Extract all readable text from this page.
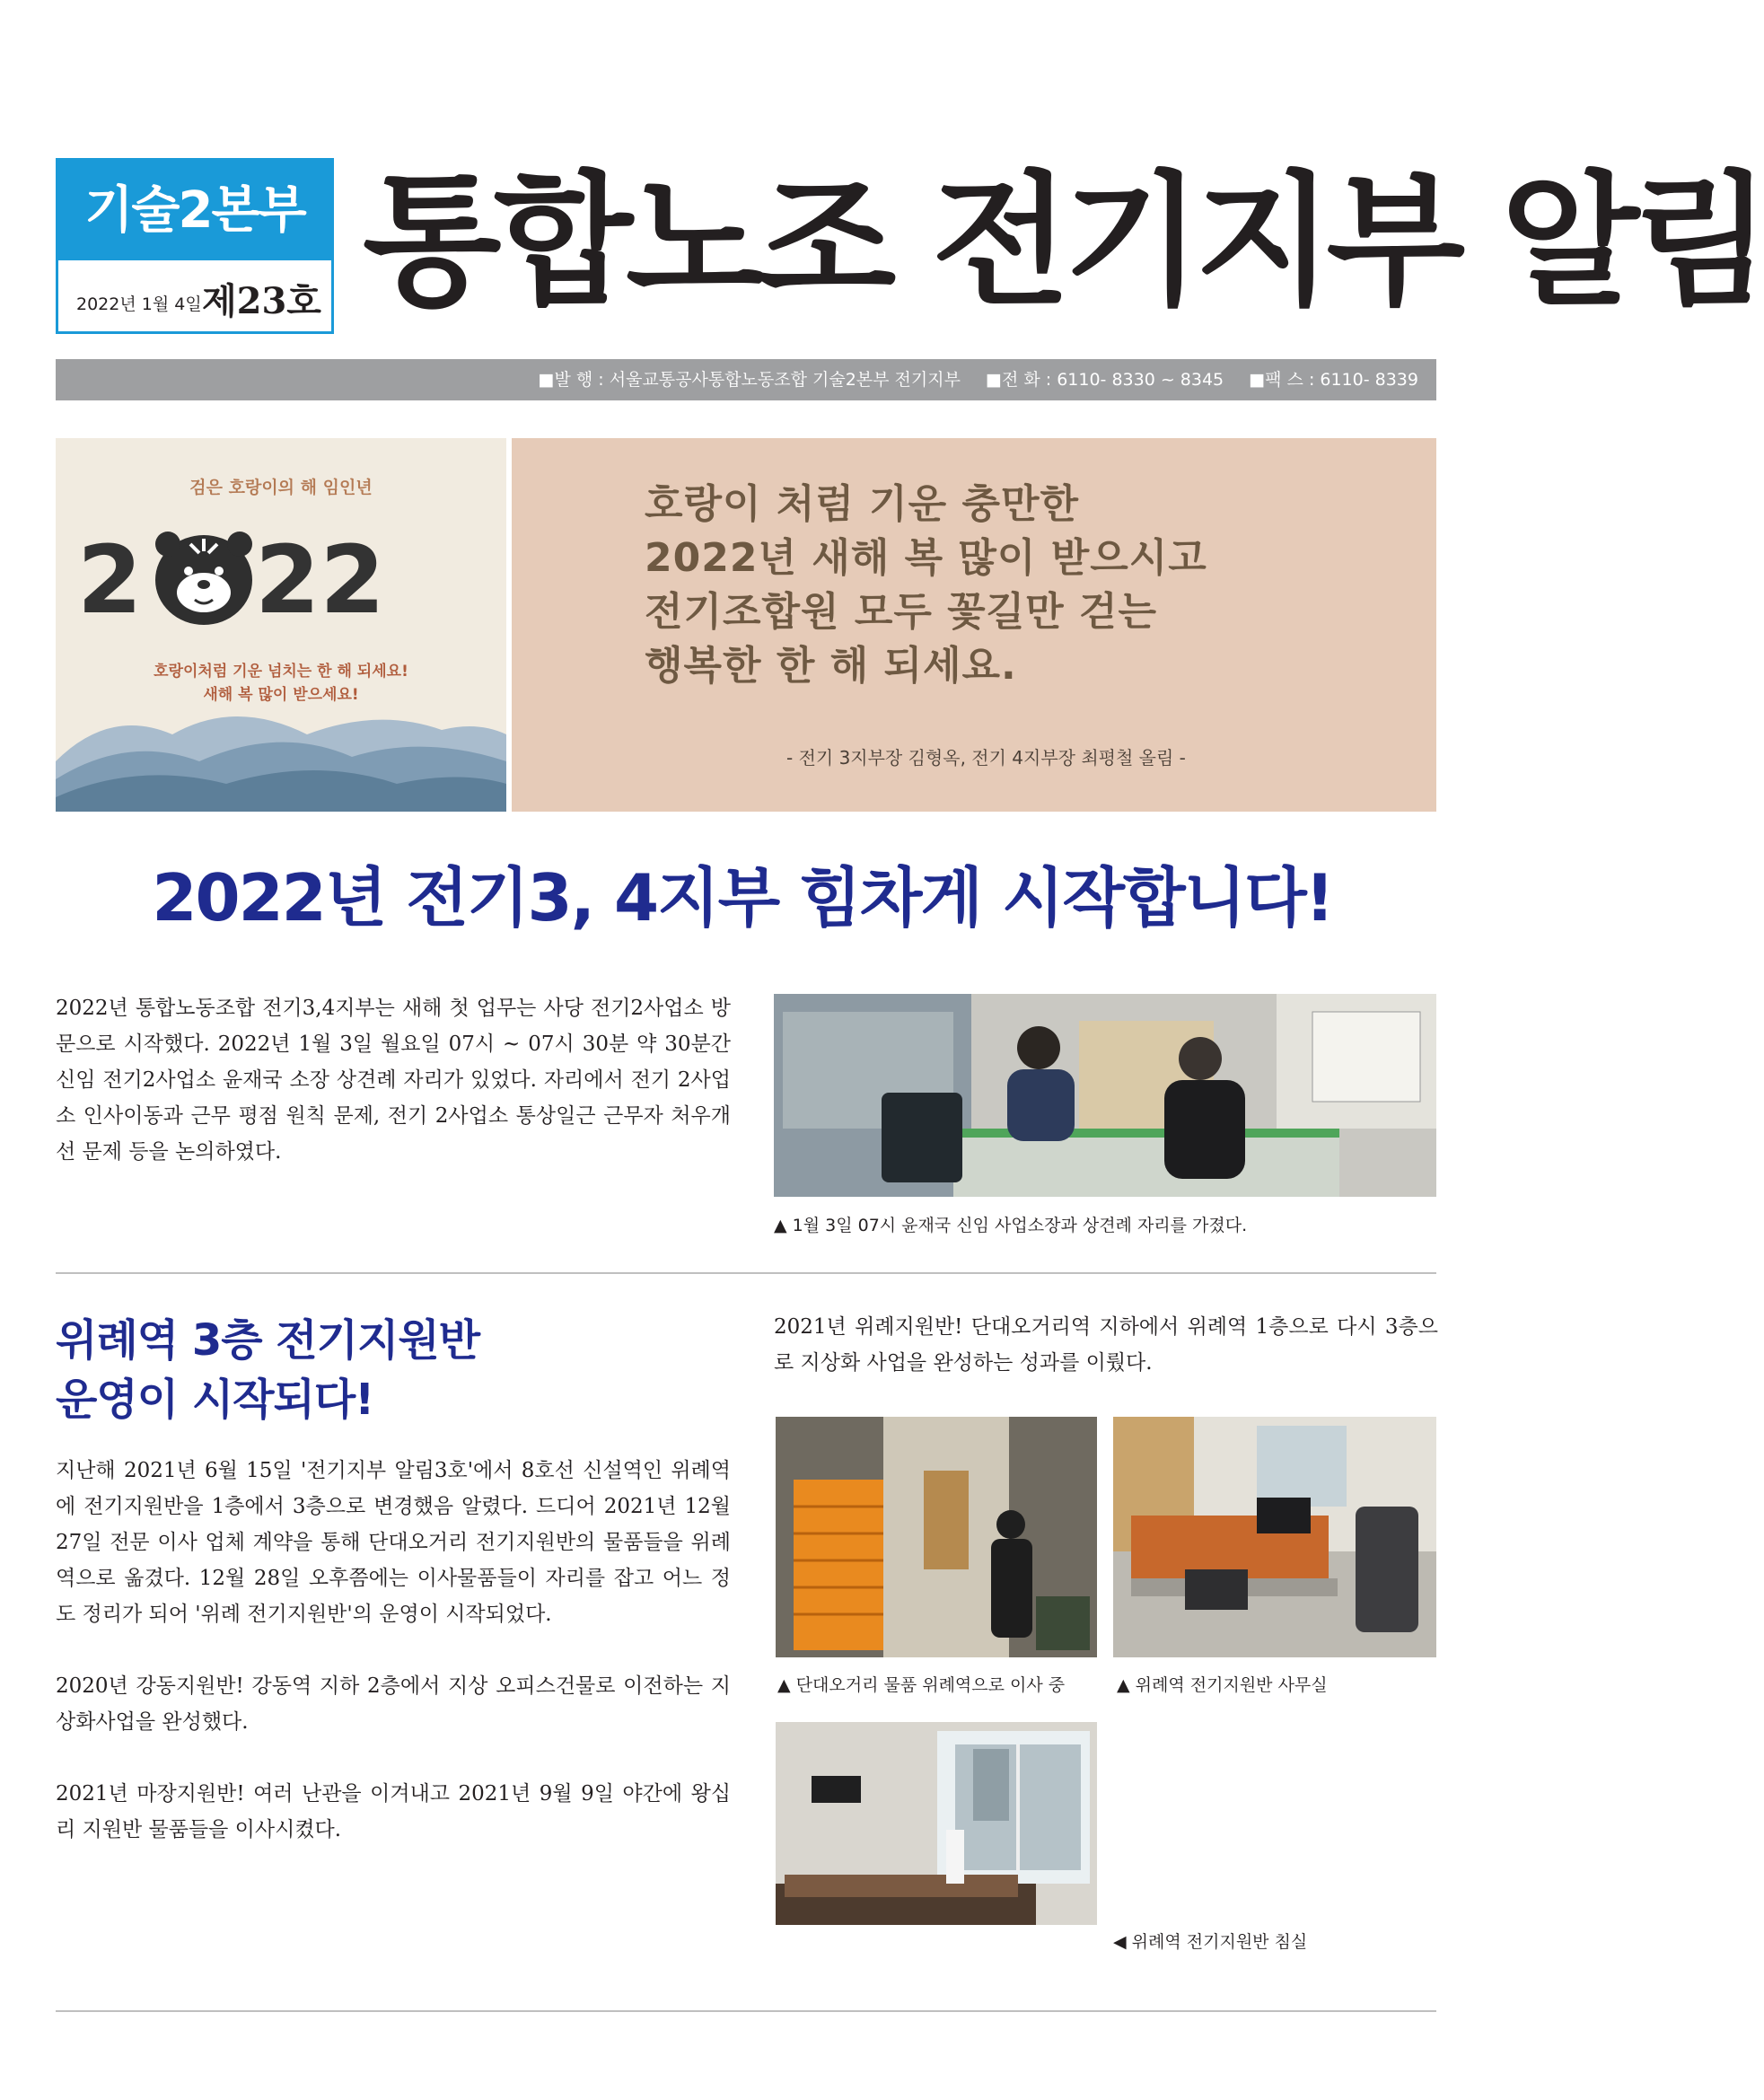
기술2본부
2022년 1월 4일 제23호 통합노조 전기지부 알림
■발 행 : 서울교통공사통합노동조합 기술2본부 전기지부 ■전 화 : 6110- 8330 ~ 8345 ■팩 스 : 6110- 8339
2 22
검은 호랑이의 해 임인년
호랑이처럼 기운 넘치는 한 해 되세요!
새해 복 많이 받으세요!
호랑이 처럼 기운 충만한
2022년 새해 복 많이 받으시고
전기조합원 모두 꽃길만 걷는
행복한 한 해 되세요.
- 전기 3지부장 김형옥, 전기 4지부장 최평철 올림 -
2022년 전기3, 4지부 힘차게 시작합니다!
2022년 통합노동조합 전기3,4지부는 새해 첫 업무는 사당 전기2사업소 방문으로 시작했다. 2022년 1월 3일 월요일 07시 ~ 07시 30분 약 30분간 신임 전기2사업소 윤재국 소장 상견례 자리가 있었다. 자리에서 전기 2사업소 인사이동과 근무 평점 원칙 문제, 전기 2사업소 통상일근 근무자 처우개선 문제 등을 논의하였다.
▲ 1월 3일 07시 윤재국 신임 사업소장과 상견례 자리를 가졌다.
위례역 3층 전기지원반
운영이 시작되다!

지난해 2021년 6월 15일 '전기지부 알림3호'에서 8호선 신설역인 위례역에 전기지원반을 1층에서 3층으로 변경했음 알렸다. 드디어 2021년 12월 27일 전문 이사 업체 계약을 통해 단대오거리 전기지원반의 물품들을 위례역으로 옮겼다. 12월 28일 오후쯤에는 이사물품들이 자리를 잡고 어느 정도 정리가 되어 '위례 전기지원반'의 운영이 시작되었다.

2020년 강동지원반! 강동역 지하 2층에서 지상 오피스건물로 이전하는 지상화사업을 완성했다.

2021년 마장지원반! 여러 난관을 이겨내고 2021년 9월 9일 야간에 왕십리 지원반 물품들을 이사시켰다.

2021년 위례지원반! 단대오거리역 지하에서 위례역 1층으로 다시 3층으로 지상화 사업을 완성하는 성과를 이뤘다.
▲ 단대오거리 물품 위례역으로 이사 중	▲ 위례역 전기지원반 사무실
◀ 위례역 전기지원반 침실
